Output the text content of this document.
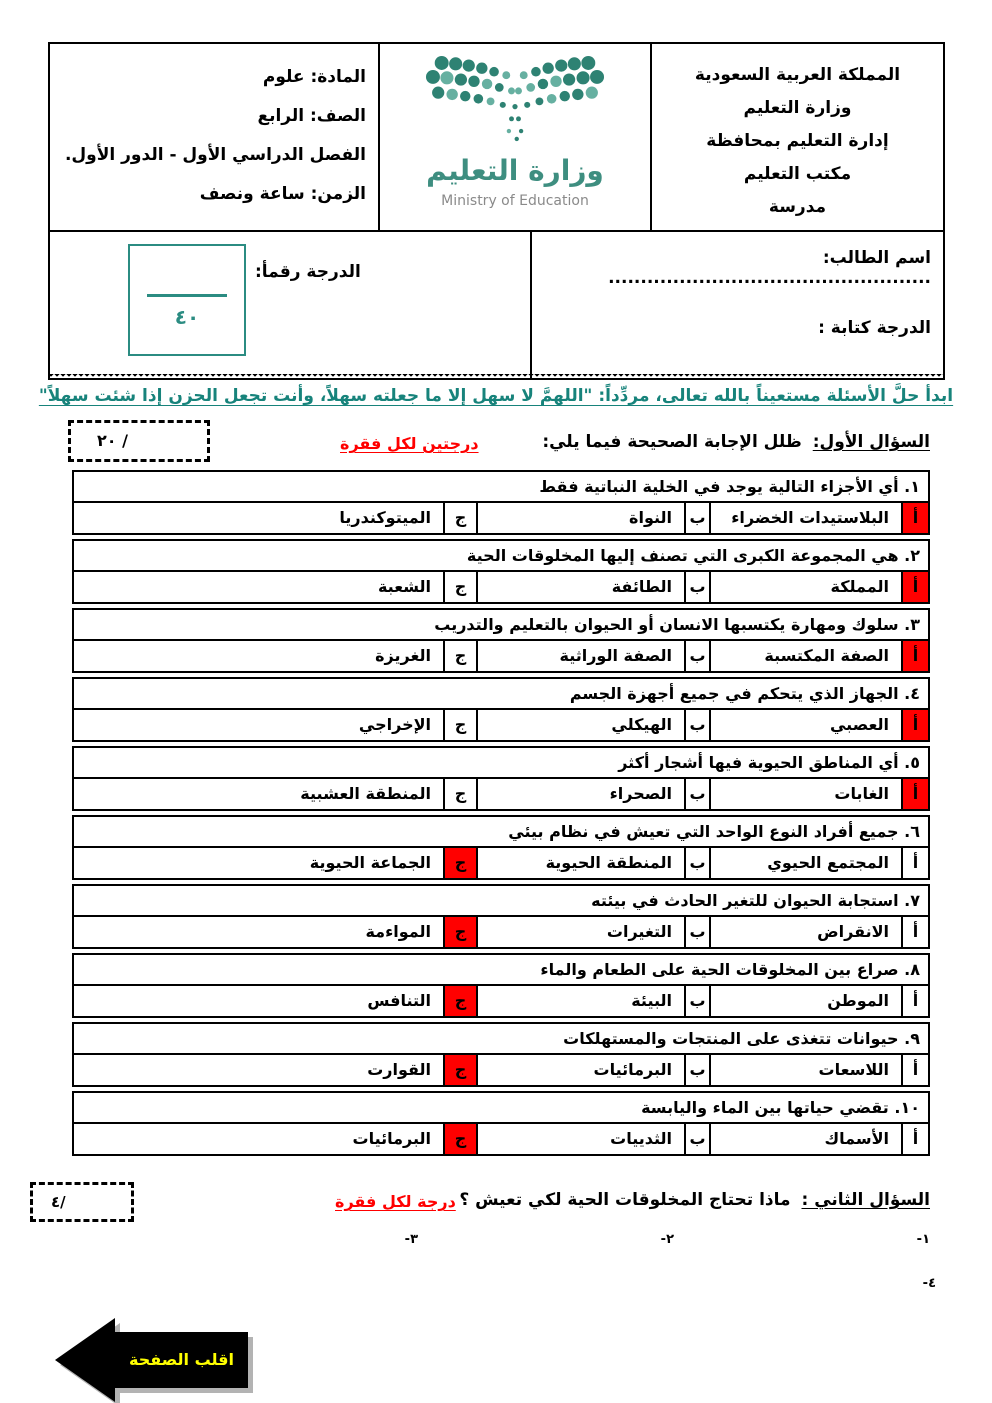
المملكة العربية السعودية
وزارة التعليم
إدارة التعليم بمحافظة
مكتب التعليم
مدرسة
وزارة التعليم
Ministry of Education
المادة: علوم
الصف: الرابع
الفصل الدراسي الأول - الدور الأول.
الزمن: ساعة ونصف
اسم الطالب: ..................................................
الدرجة كتابة :
الدرجة رقمأ:
٤٠
ابدأ حلَّ الأسئلة مستعيناً بالله تعالى، مردِّداً: "اللهمَّ لا سهل إلا ما جعلته سهلاً، وأنت تجعل الحزن إذا شئت سهلاً"
السؤال الأول: ظلل الإجابة الصحيحة فيما يلي:
درجتين لكل فقرة
٢٠ /
١. أي الأجزاء التالية يوجد في الخلية النباتية فقط
أ
البلاستيدات الخضراء
ب
النواة
ج
الميتوكندريا
٢. هي المجموعة الكبرى التي تصنف إليها المخلوقات الحية
أ
المملكة
ب
الطائفة
ج
الشعبة
٣. سلوك ومهارة يكتسبها الانسان أو الحيوان بالتعليم والتدريب
أ
الصفة المكتسبة
ب
الصفة الوراثية
ج
الغريزة
٤. الجهاز الذي يتحكم في جميع أجهزة الجسم
أ
العصبي
ب
الهيكلي
ج
الإخراجي
٥. أي المناطق الحيوية فيها أشجار أكثر
أ
الغابات
ب
الصحراء
ج
المنطقة العشبية
٦. جميع أفراد النوع الواحد التي تعيش في نظام بيئي
أ
المجتمع الحيوي
ب
المنطقة الحيوية
ج
الجماعة الحيوية
٧. استجابة الحيوان للتغير الحادث في بيئته
أ
الانقراض
ب
التغيرات
ج
المواءمة
٨. صراع بين المخلوقات الحية على الطعام والماء
أ
الموطن
ب
البيئة
ج
التنافس
٩. حيوانات تتغذى على المنتجات والمستهلكات
أ
اللاسعات
ب
البرمائيات
ج
القوارت
١٠. تقضي حياتها بين الماء واليابسة
أ
الأسماك
ب
الثدييات
ج
البرمائيات
السؤال الثاني : ماذا تحتاج المخلوقات الحية لكي تعيش ؟
درجة لكل فقرة
٤/
١-
٢-
٣-
٤-
اقلب الصفحة
